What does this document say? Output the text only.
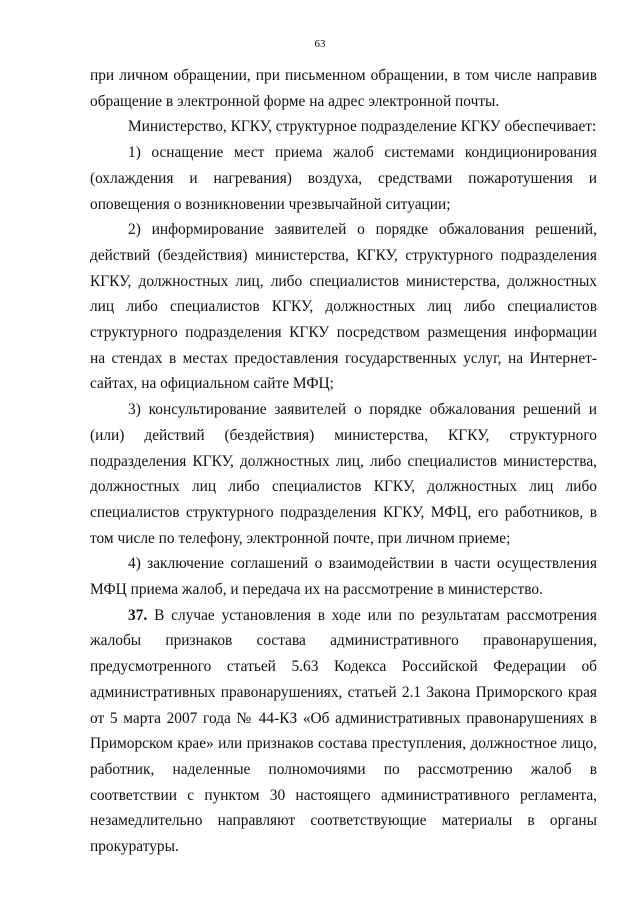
63

при личном обращении, при письменном обращении, в том числе направив обращение в электронной форме на адрес электронной почты.

Министерство, КГКУ, структурное подразделение КГКУ обеспечивает:

1) оснащение мест приема жалоб системами кондиционирования (охлаждения и нагревания) воздуха, средствами пожаротушения и оповещения о возникновении чрезвычайной ситуации;

2) информирование заявителей о порядке обжалования решений, действий (бездействия) министерства, КГКУ, структурного подразделения КГКУ, должностных лиц, либо специалистов министерства, должностных лиц либо специалистов КГКУ, должностных лиц либо специалистов структурного подразделения КГКУ посредством размещения информации на стендах в местах предоставления государственных услуг, на Интернет-сайтах, на официальном сайте МФЦ;

3) консультирование заявителей о порядке обжалования решений и (или) действий (бездействия) министерства, КГКУ, структурного подразделения КГКУ, должностных лиц, либо специалистов министерства, должностных лиц либо специалистов КГКУ, должностных лиц либо специалистов структурного подразделения КГКУ, МФЦ, его работников, в том числе по телефону, электронной почте, при личном приеме;

4) заключение соглашений о взаимодействии в части осуществления МФЦ приема жалоб, и передача их на рассмотрение в министерство.

37. В случае установления в ходе или по результатам рассмотрения жалобы признаков состава административного правонарушения, предусмотренного статьей 5.63 Кодекса Российской Федерации об административных правонарушениях, статьей 2.1 Закона Приморского края от 5 марта 2007 года № 44-КЗ «Об административных правонарушениях в Приморском крае» или признаков состава преступления, должностное лицо, работник, наделенные полномочиями по рассмотрению жалоб в соответствии с пунктом 30 настоящего административного регламента, незамедлительно направляют соответствующие материалы в органы прокуратуры.
